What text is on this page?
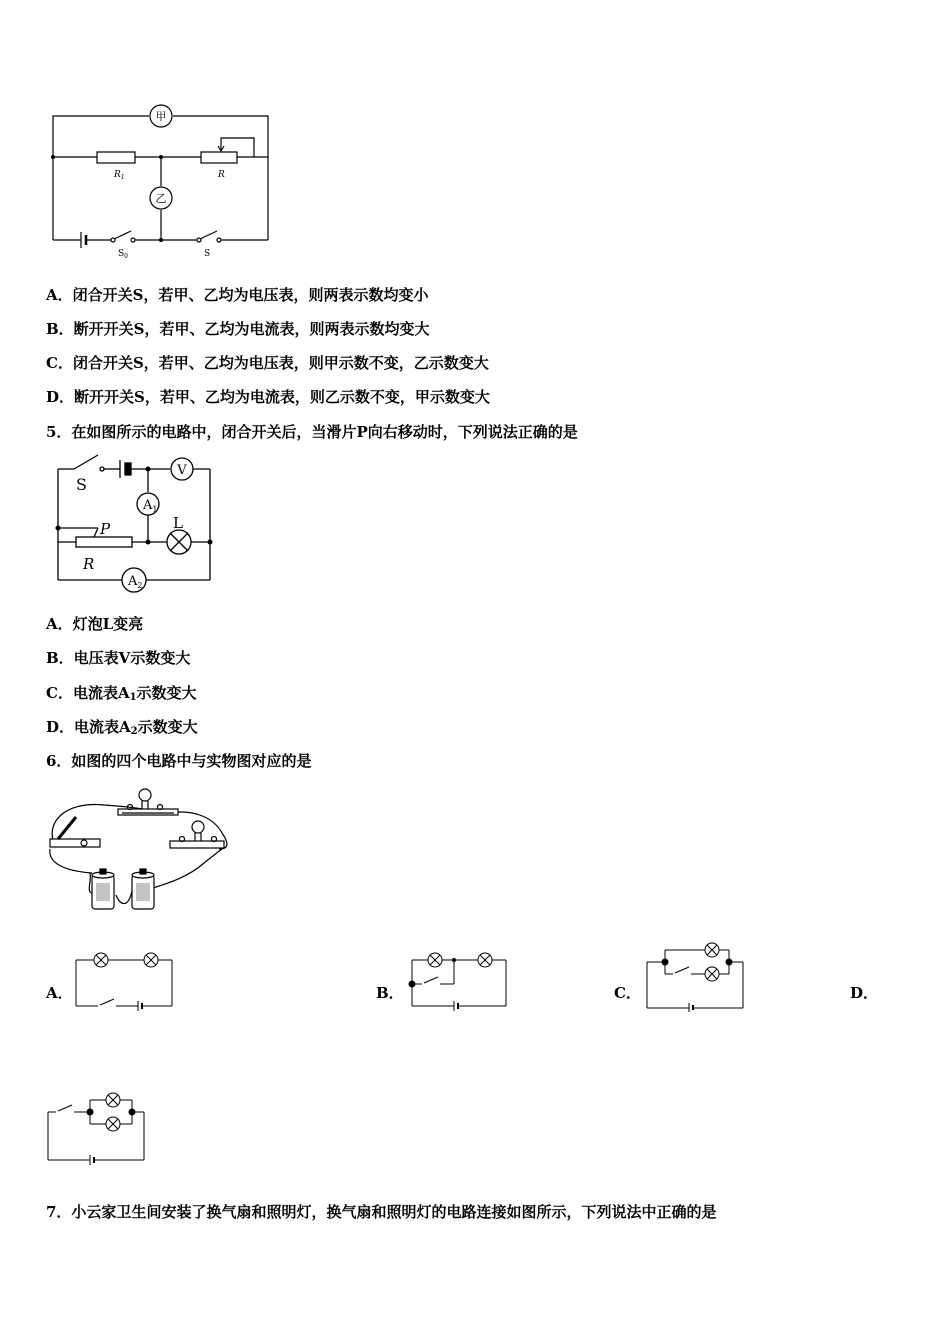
甲
乙
$R_1$	R
$S_0$	S
A．闭合开关S，若甲、乙均为电压表，则两表示数均变小
B．断开开关S，若甲、乙均为电流表，则两表示数均变大
C．闭合开关S，若甲、乙均为电压表，则甲示数不变，乙示数变大
D．断开开关S，若甲、乙均为电流表，则乙示数不变，甲示数变大
5．在如图所示的电路中，闭合开关后，当滑片P向右移动时，下列说法正确的是
S
V
$A_1$
L
P
R
$A_2$
A．灯泡L变亮
B．电压表V示数变大
C．电流表$A_1$示数变大
D．电流表$A_2$示数变大
6．如图的四个电路中与实物图对应的是
A．	B．	C．	D．
7．小云家卫生间安装了换气扇和照明灯，换气扇和照明灯的电路连接如图所示，下列说法中正确的是
